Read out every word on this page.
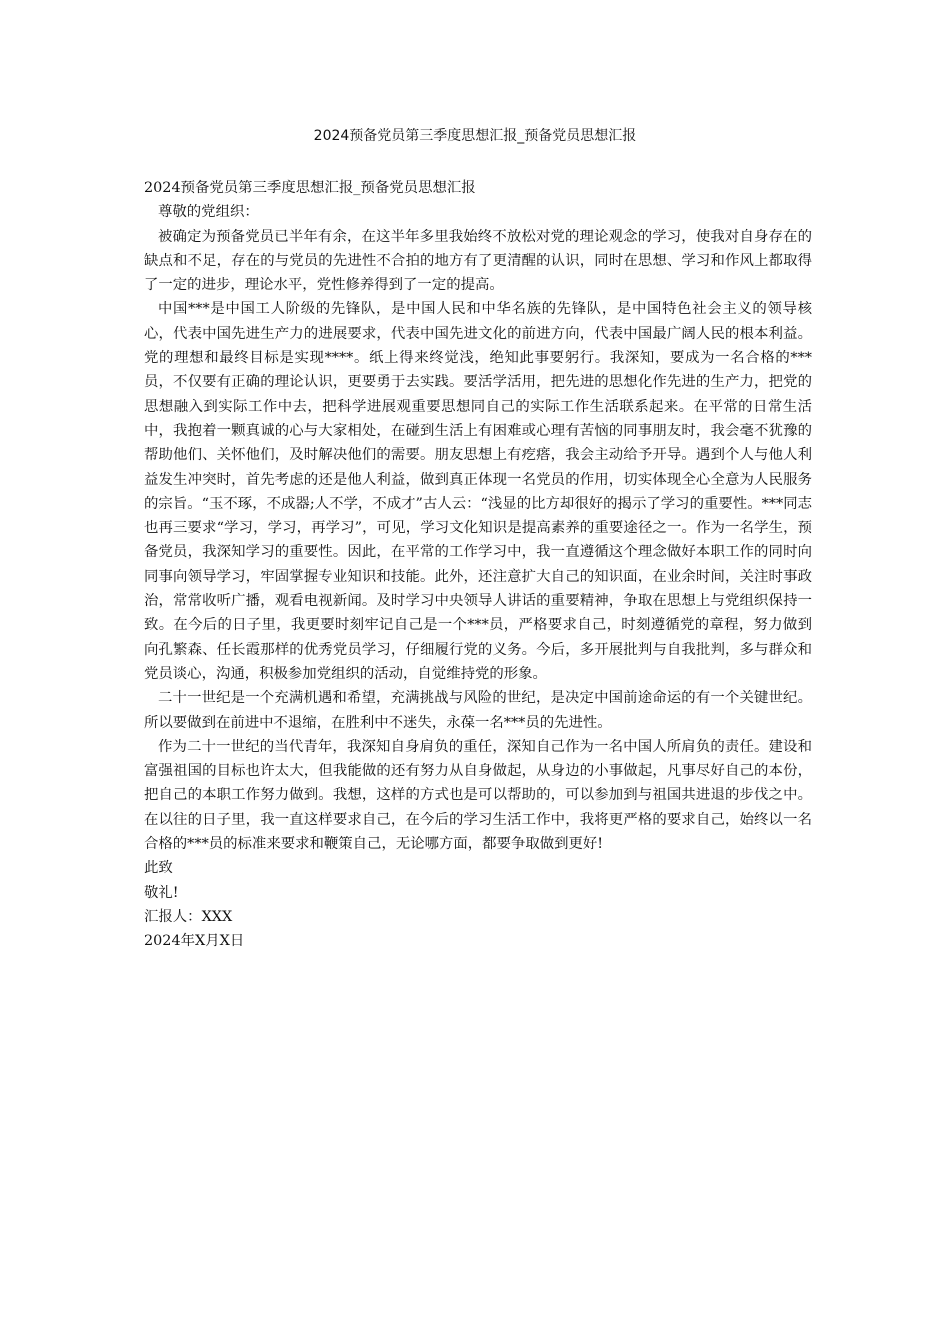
2024预备党员第三季度思想汇报_预备党员思想汇报

2024预备党员第三季度思想汇报_预备党员思想汇报

尊敬的党组织：

被确定为预备党员已半年有余，在这半年多里我始终不放松对党的理论观念的学习，使我对自身存在的缺点和不足，存在的与党员的先进性不合拍的地方有了更清醒的认识，同时在思想、学习和作风上都取得了一定的进步，理论水平，党性修养得到了一定的提高。

中国***是中国工人阶级的先锋队，是中国人民和中华名族的先锋队，是中国特色社会主义的领导核心，代表中国先进生产力的进展要求，代表中国先进文化的前进方向，代表中国最广阔人民的根本利益。党的理想和最终目标是实现****。纸上得来终觉浅，绝知此事要躬行。我深知，要成为一名合格的***员，不仅要有正确的理论认识，更要勇于去实践。要活学活用，把先进的思想化作先进的生产力，把党的思想融入到实际工作中去，把科学进展观重要思想同自己的实际工作生活联系起来。在平常的日常生活中，我抱着一颗真诚的心与大家相处，在碰到生活上有困难或心理有苦恼的同事朋友时，我会毫不犹豫的帮助他们、关怀他们，及时解决他们的需要。朋友思想上有疙瘩，我会主动给予开导。遇到个人与他人利益发生冲突时，首先考虑的还是他人利益，做到真正体现一名党员的作用，切实体现全心全意为人民服务的宗旨。“玉不琢，不成器;人不学，不成才”古人云：“浅显的比方却很好的揭示了学习的重要性。***同志也再三要求“学习，学习，再学习”，可见，学习文化知识是提高素养的重要途径之一。作为一名学生，预备党员，我深知学习的重要性。因此，在平常的工作学习中，我一直遵循这个理念做好本职工作的同时向同事向领导学习，牢固掌握专业知识和技能。此外，还注意扩大自己的知识面，在业余时间，关注时事政治，常常收听广播，观看电视新闻。及时学习中央领导人讲话的重要精神，争取在思想上与党组织保持一致。在今后的日子里，我更要时刻牢记自己是一个***员，严格要求自己，时刻遵循党的章程，努力做到向孔繁森、任长霞那样的优秀党员学习，仔细履行党的义务。今后，多开展批判与自我批判，多与群众和党员谈心，沟通，积极参加党组织的活动，自觉维持党的形象。

二十一世纪是一个充满机遇和希望，充满挑战与风险的世纪，是决定中国前途命运的有一个关键世纪。所以要做到在前进中不退缩，在胜利中不迷失，永葆一名***员的先进性。

作为二十一世纪的当代青年，我深知自身肩负的重任，深知自己作为一名中国人所肩负的责任。建设和富强祖国的目标也许太大，但我能做的还有努力从自身做起，从身边的小事做起，凡事尽好自己的本份，把自己的本职工作努力做到。我想，这样的方式也是可以帮助的，可以参加到与祖国共进退的步伐之中。在以往的日子里，我一直这样要求自己，在今后的学习生活工作中，我将更严格的要求自己，始终以一名合格的***员的标准来要求和鞭策自己，无论哪方面，都要争取做到更好!

此致

敬礼!

汇报人：XXX

2024年X月X日
